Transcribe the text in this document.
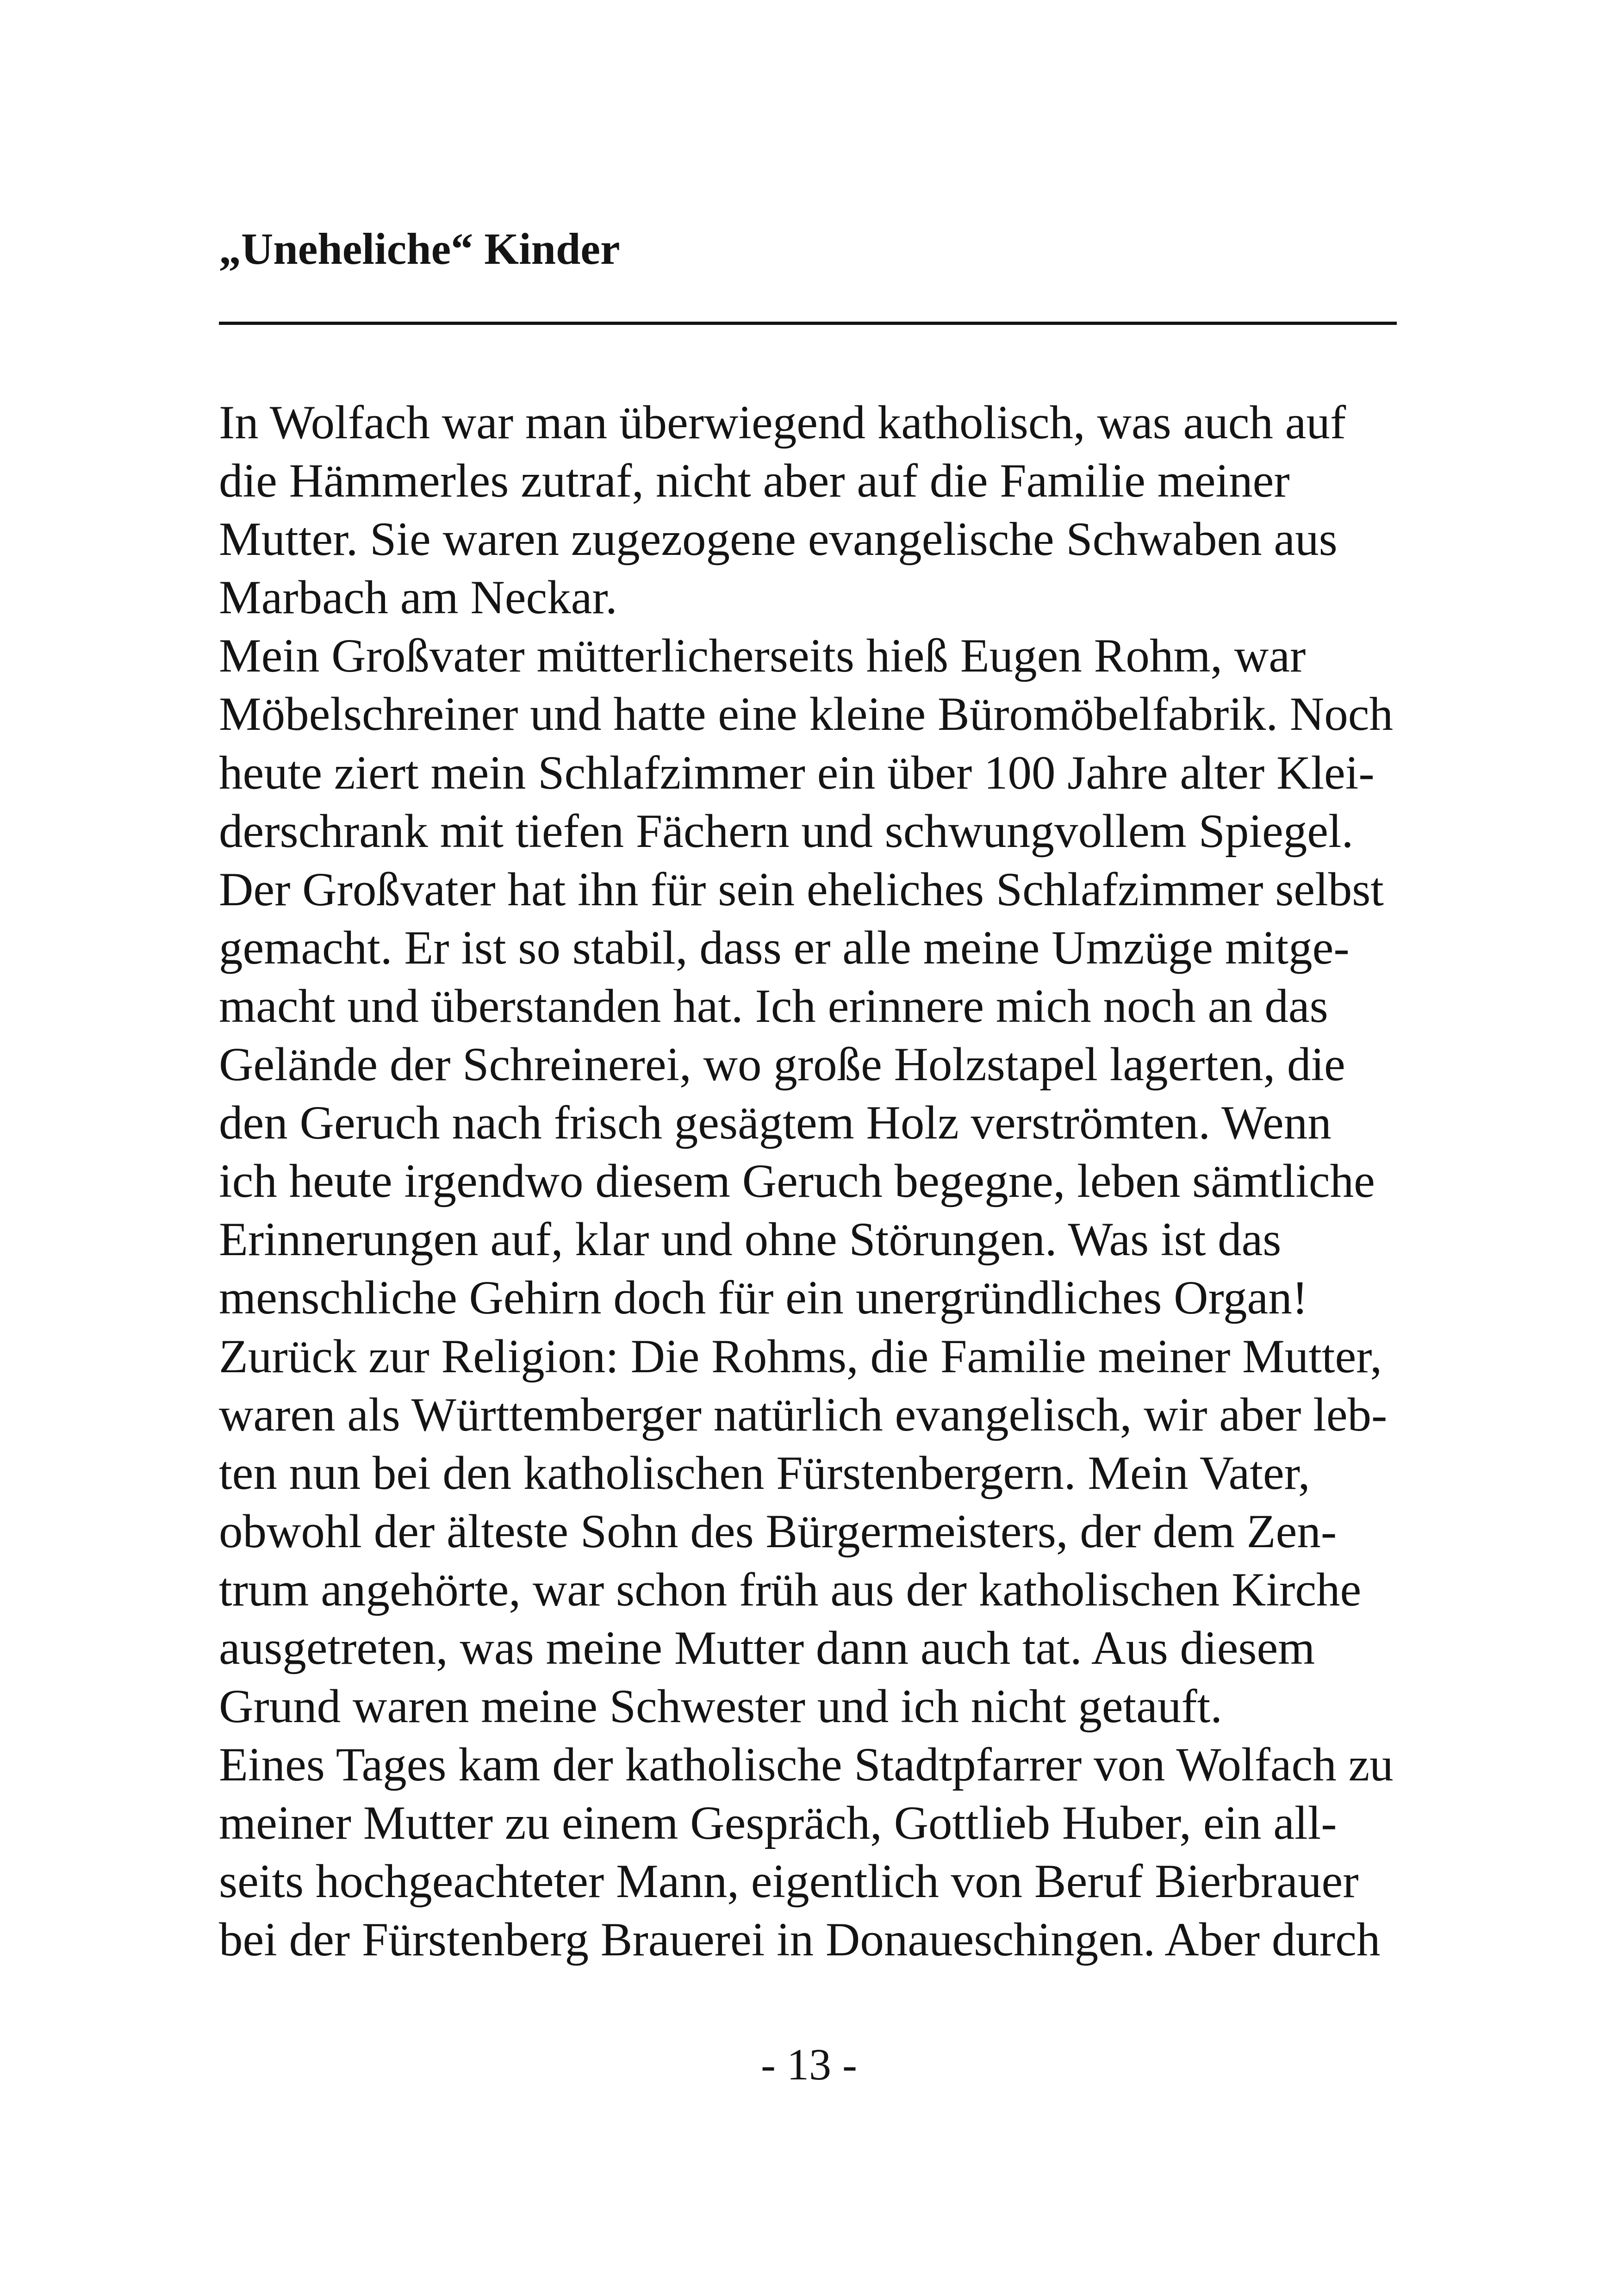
„Uneheliche“ Kinder
In Wolfach war man überwiegend katholisch, was auch auf
die Hämmerles zutraf, nicht aber auf die Familie meiner
Mutter. Sie waren zugezogene evangelische Schwaben aus
Marbach am Neckar.
Mein Großvater mütterlicherseits hieß Eugen Rohm, war
Möbelschreiner und hatte eine kleine Büromöbelfabrik. Noch
heute ziert mein Schlafzimmer ein über 100 Jahre alter Klei-
derschrank mit tiefen Fächern und schwungvollem Spiegel.
Der Großvater hat ihn für sein eheliches Schlafzimmer selbst
gemacht. Er ist so stabil, dass er alle meine Umzüge mitge-
macht und überstanden hat. Ich erinnere mich noch an das
Gelände der Schreinerei, wo große Holzstapel lagerten, die
den Geruch nach frisch gesägtem Holz verströmten. Wenn
ich heute irgendwo diesem Geruch begegne, leben sämtliche
Erinnerungen auf, klar und ohne Störungen. Was ist das
menschliche Gehirn doch für ein unergründliches Organ!
Zurück zur Religion: Die Rohms, die Familie meiner Mutter,
waren als Württemberger natürlich evangelisch, wir aber leb-
ten nun bei den katholischen Fürstenbergern. Mein Vater,
obwohl der älteste Sohn des Bürgermeisters, der dem Zen-
trum angehörte, war schon früh aus der katholischen Kirche
ausgetreten, was meine Mutter dann auch tat. Aus diesem
Grund waren meine Schwester und ich nicht getauft.
Eines Tages kam der katholische Stadtpfarrer von Wolfach zu
meiner Mutter zu einem Gespräch, Gottlieb Huber, ein all-
seits hochgeachteter Mann, eigentlich von Beruf Bierbrauer
bei der Fürstenberg Brauerei in Donaueschingen. Aber durch
- 13 -
